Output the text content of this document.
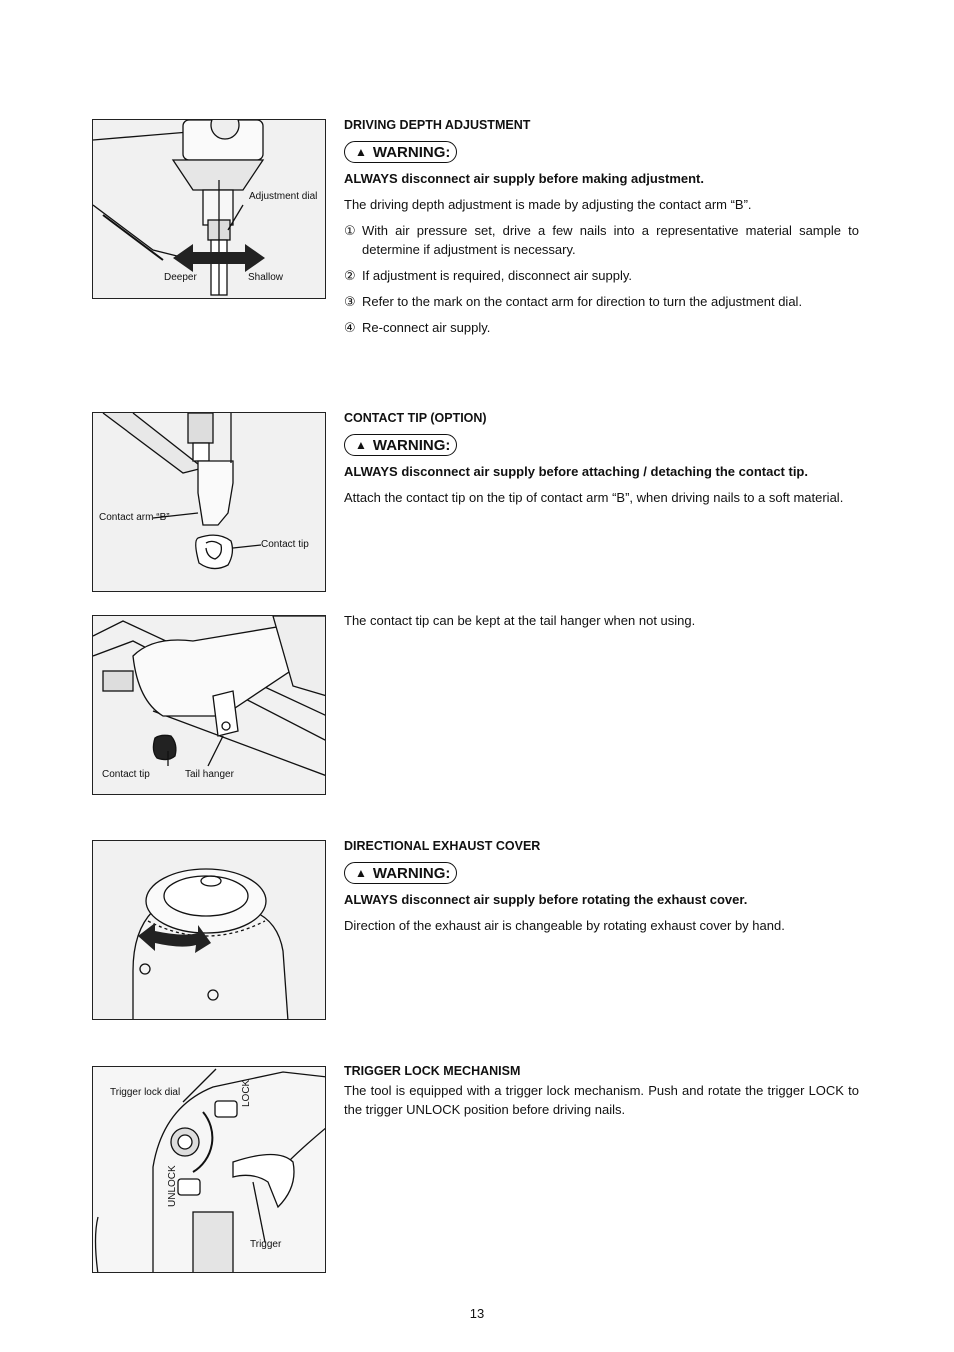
Adjustment dial
Deeper	Shallow

DRIVING DEPTH ADJUSTMENT

▲ WARNING:

ALWAYS disconnect air supply before making adjustment.

The driving depth adjustment is made by adjusting the contact arm “B”.

① With air pressure set, drive a few nails into a representative material sample to determine if adjustment is necessary.
② If adjustment is required, disconnect air supply.
③ Refer to the mark on the contact arm for direction to turn the adjustment dial.
④ Re-connect air supply.
Contact arm “B”
Contact tip

CONTACT TIP (OPTION)

▲ WARNING:

ALWAYS disconnect air supply before attaching / detaching the contact tip.

Attach the contact tip on the tip of contact arm “B”, when driving nails to a soft material.

Contact tip	Tail hanger

The contact tip can be kept at the tail hanger when not using.

DIRECTIONAL EXHAUST COVER

▲ WARNING:

ALWAYS disconnect air supply before rotating the exhaust cover.

Direction of the exhaust air is changeable by rotating exhaust cover by hand.

Trigger lock dial	LOCK
UNLOCK
Trigger

TRIGGER LOCK MECHANISM

The tool is equipped with a trigger lock mechanism. Push and rotate the trigger LOCK to the trigger UNLOCK position before driving nails.

13
